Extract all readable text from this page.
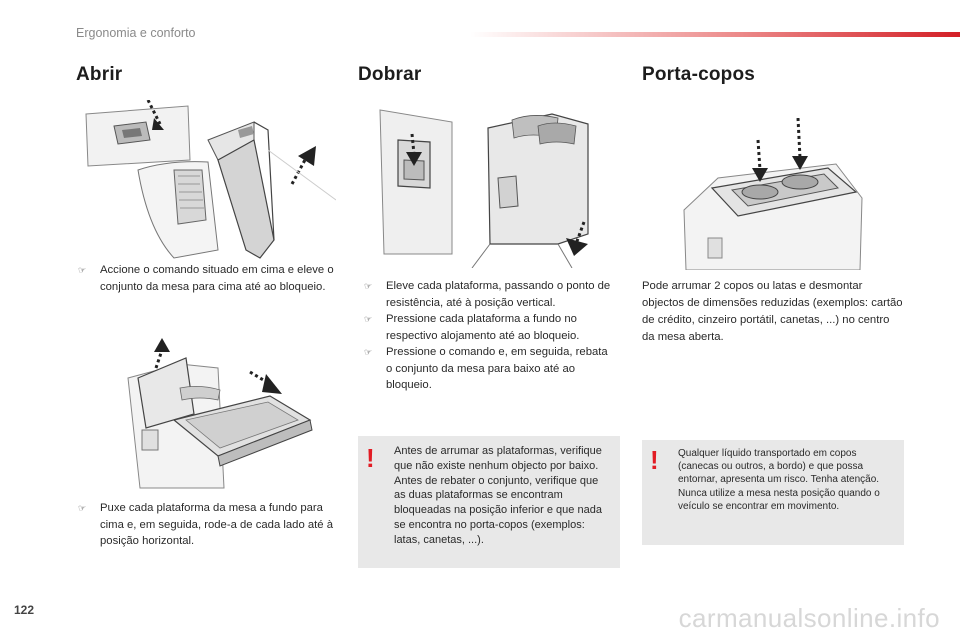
Ergonomia e conforto
Abrir	Dobrar	Porta-copos
☞ Accione o comando situado em cima e eleve o conjunto da mesa para cima até ao bloqueio.
☞ Puxe cada plataforma da mesa a fundo para cima e, em seguida, rode-a de cada lado até à posição horizontal.
☞ Eleve cada plataforma, passando o ponto de resistência, até à posição vertical.
☞ Pressione cada plataforma a fundo no respectivo alojamento até ao bloqueio.
☞ Pressione o comando e, em seguida, rebata o conjunto da mesa para baixo até ao bloqueio.
! Antes de arrumar as plataformas, verifique que não existe nenhum objecto por baixo. Antes de rebater o conjunto, verifique que as duas plataformas se encontram bloqueadas na posição inferior e que nada se encontra no porta-copos (exemplos: latas, canetas, ...).
Pode arrumar 2 copos ou latas e desmontar objectos de dimensões reduzidas (exemplos: cartão de crédito, cinzeiro portátil, canetas, ...) no centro da mesa aberta.
! Qualquer líquido transportado em copos (canecas ou outros, a bordo) e que possa entornar, apresenta um risco. Tenha atenção.
Nunca utilize a mesa nesta posição quando o veículo se encontrar em movimento.
122	carmanualsonline.info
